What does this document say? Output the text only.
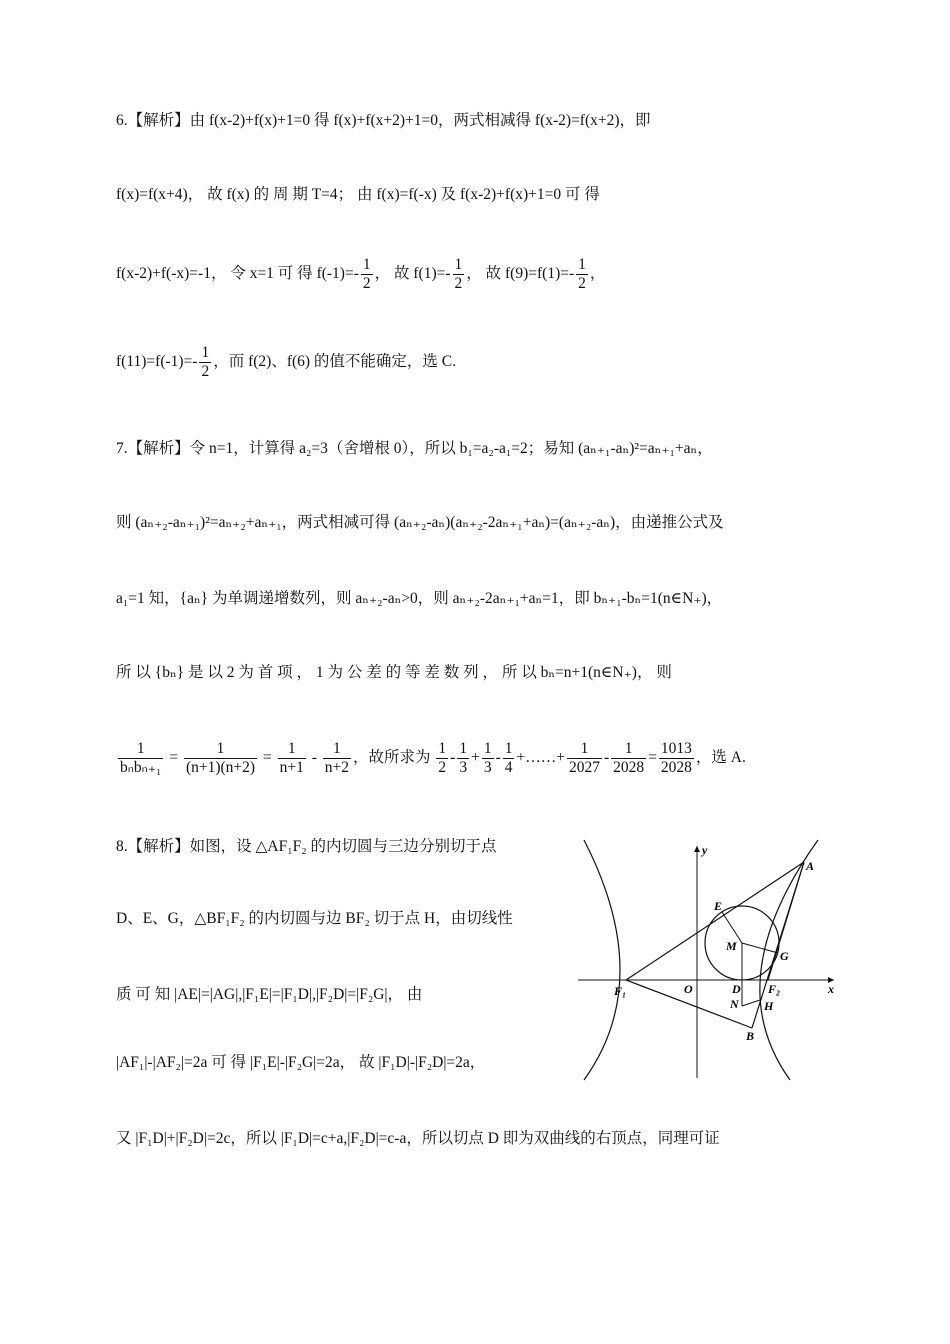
6.【解析】由 f(x-2)+f(x)+1=0 得 f(x)+f(x+2)+1=0，两式相减得 f(x-2)=f(x+2)，即
f(x)=f(x+4)， 故 f(x) 的 周 期 T=4； 由 f(x)=f(-x) 及 f(x-2)+f(x)+1=0 可 得
f(x-2)+f(-x)=-1， 令 x=1 可 得 $f(-1)=- \frac{1}{2}$ ， 故 $f(1)=- \frac{1}{2}$ ， 故 $f(9)=f(1)=- \frac{1}{2}$ ，
$f(11)=f(-1)=- \frac{1}{2}$ ，而 f(2)、f(6) 的值不能确定，选 C.
7.【解析】令 n=1，计算得 a₂=3（舍增根 0），所以 b₁=a₂-a₁=2；易知 (aₙ₊₁-aₙ)²=aₙ₊₁+aₙ，
则 (aₙ₊₂-aₙ₊₁)²=aₙ₊₂+aₙ₊₁，两式相减可得 (aₙ₊₂-aₙ)(aₙ₊₂-2aₙ₊₁+aₙ)=(aₙ₊₂-aₙ)，由递推公式及
a₁=1 知，{aₙ} 为单调递增数列，则 aₙ₊₂-aₙ>0，则 aₙ₊₂-2aₙ₊₁+aₙ=1，即 bₙ₊₁-bₙ=1(n∈N₊)，
所 以 {bₙ} 是 以 2 为 首 项 ， 1 为 公 差 的 等 差 数 列 ， 所 以 bₙ=n+1(n∈N₊)， 则
$\frac{1}{\text{bₙbₙ₊₁}} = \frac{1}{(n+1)(n+2)} = \frac{1}{n+1} - \frac{1}{n+2}$ ，故所求为 $\frac{1}{2} - \frac{1}{3} + \frac{1}{3} - \frac{1}{4}$ +……+ $\frac{1}{2027} - \frac{1}{2028} = \frac{1013}{2028}$ ，选 A.
8.【解析】如图，设 △AF₁F₂ 的内切圆与三边分别切于点
D、E、G，△BF₁F₂ 的内切圆与边 BF₂ 切于点 H，由切线性
质 可 知 |AE|=|AG|,|F₁E|=|F₁D|,|F₂D|=|F₂G|， 由
|AF₁|-|AF₂|=2a 可 得 |F₁E|-|F₂G|=2a， 故 |F₁D|-|F₂D|=2a，
又 |F₁D|+|F₂D|=2c，所以 |F₁D|=c+a,|F₂D|=c-a，所以切点 D 即为双曲线的右顶点，同理可证
y
x
A
E
M
G
F₁	O	D F₂
N H
B
